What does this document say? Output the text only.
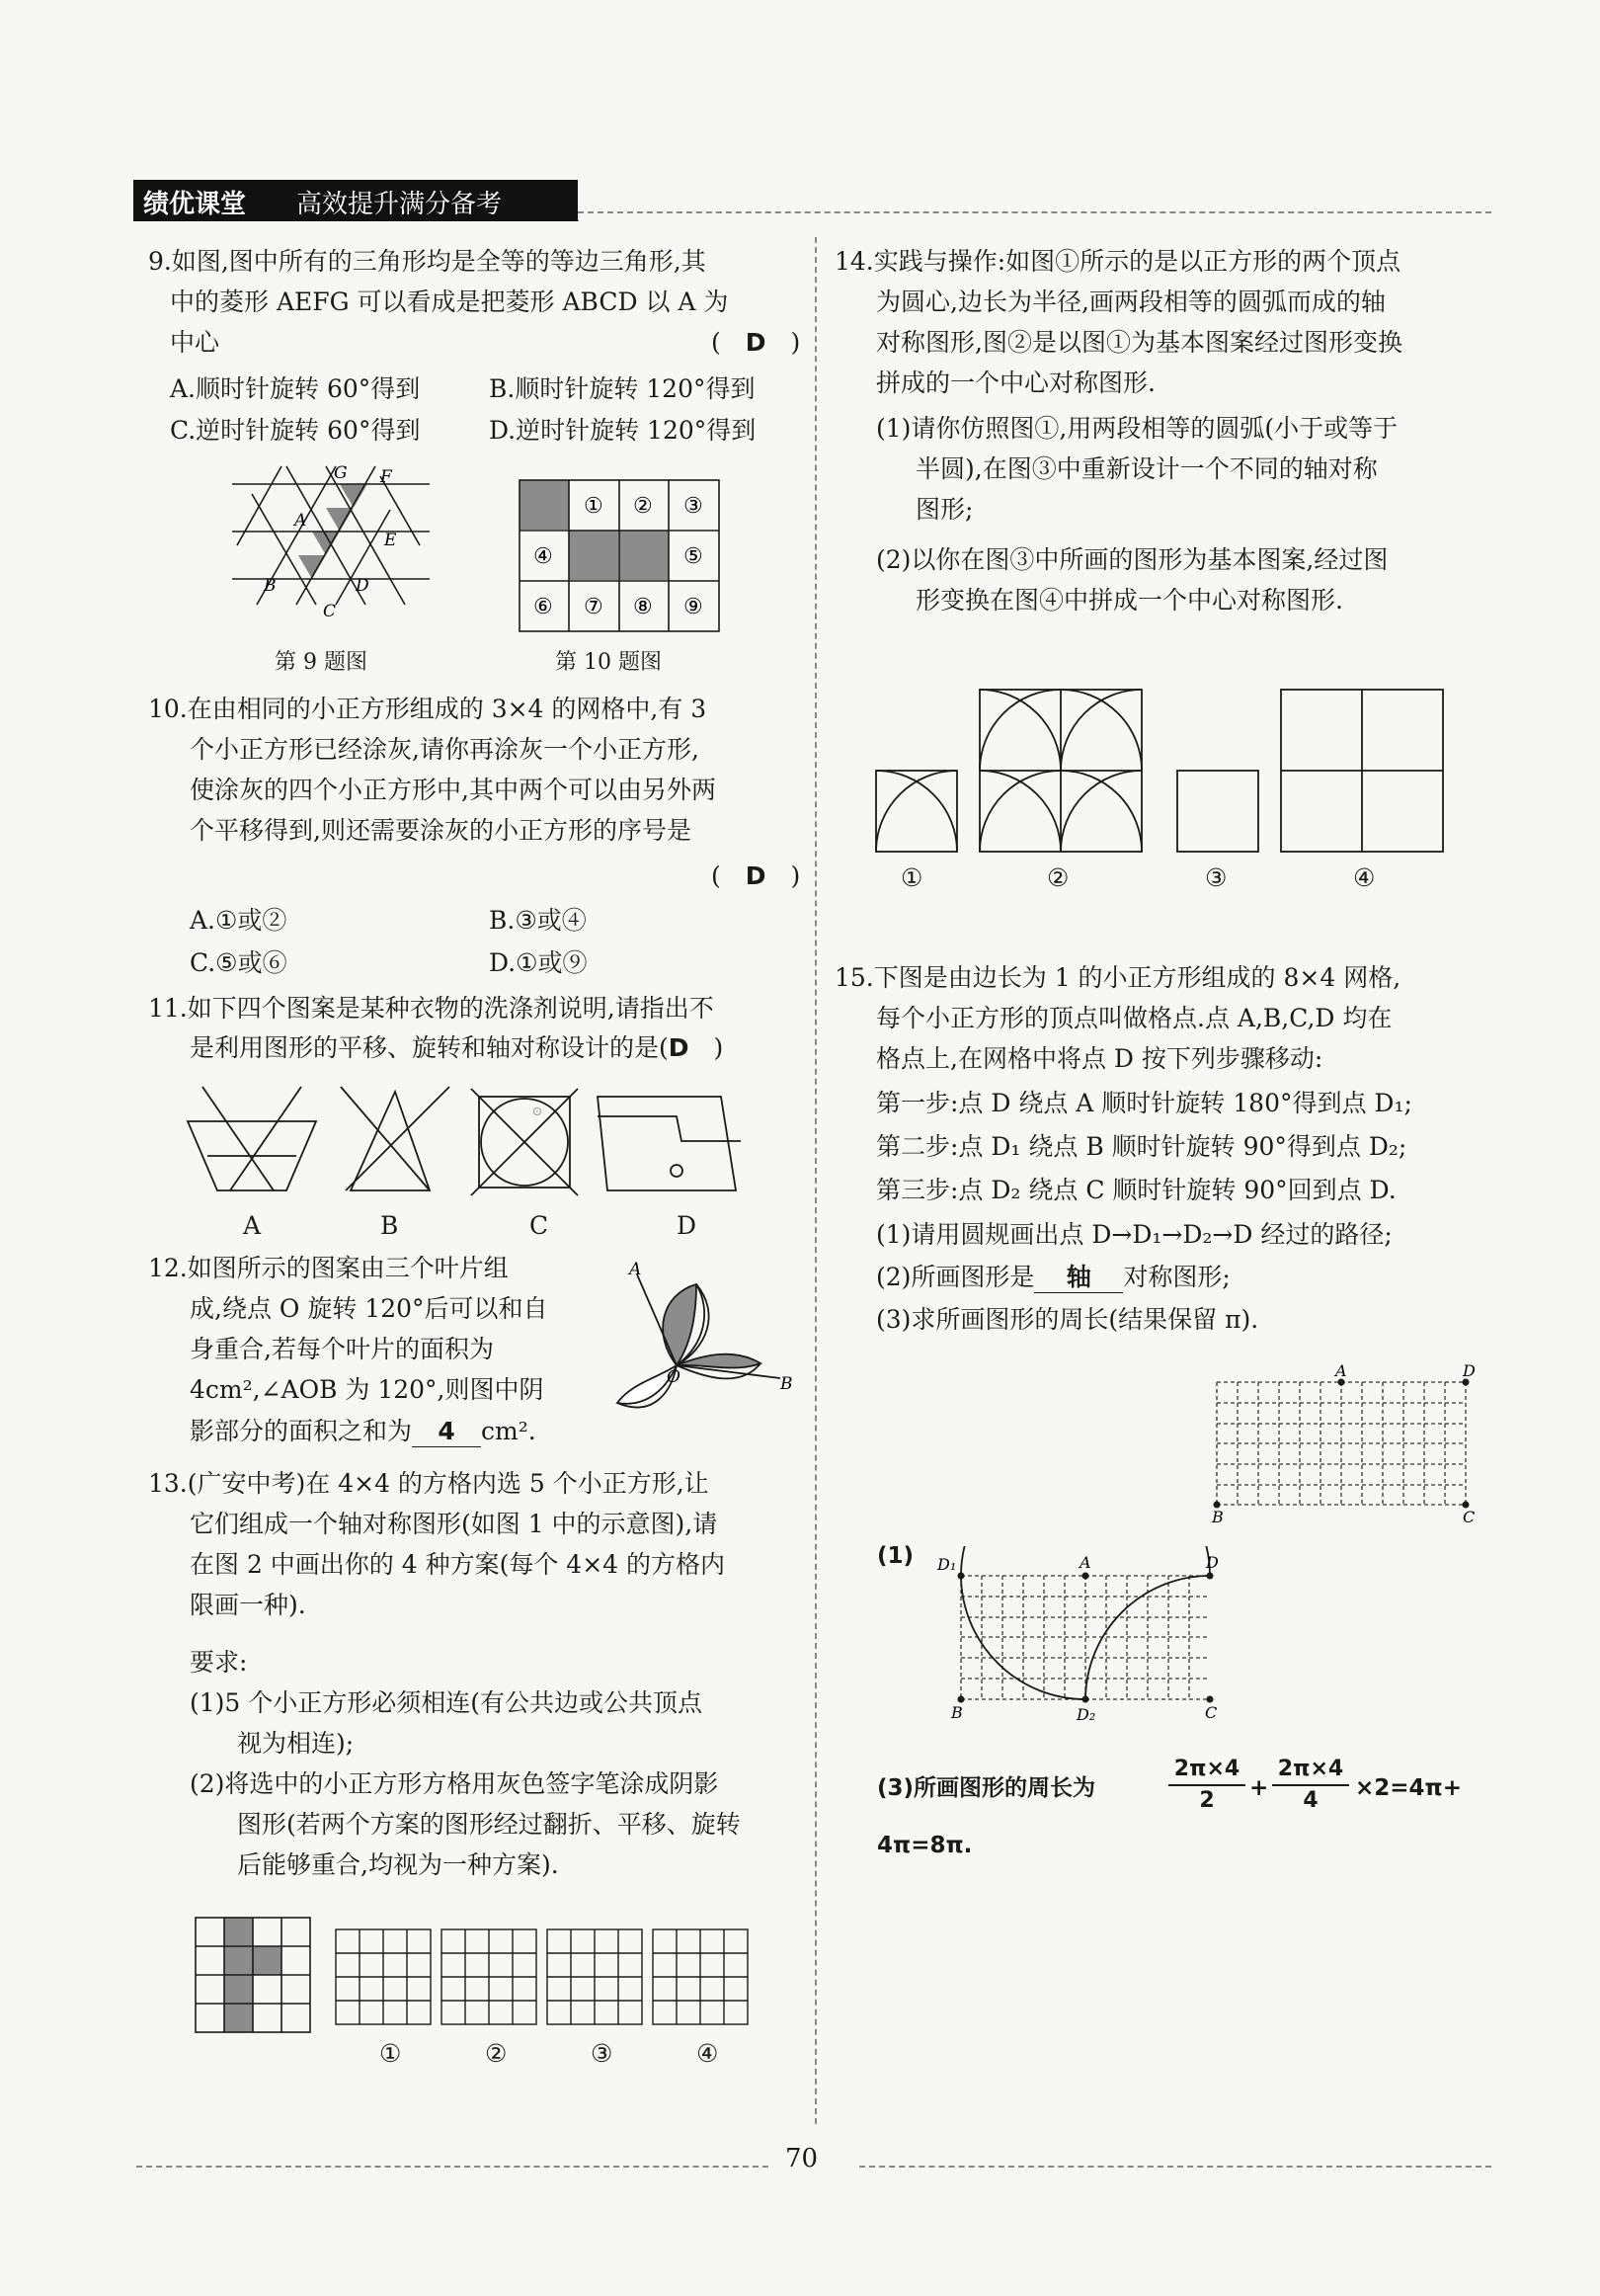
绩优课堂 高效提升满分备考
9.如图,图中所有的三角形均是全等的等边三角形,其
中的菱形 AEFG 可以看成是把菱形 ABCD 以 A 为
中心	(　D　)
A.顺时针旋转 60°得到	B.顺时针旋转 120°得到
C.逆时针旋转 60°得到	D.逆时针旋转 120°得到
G F
A
E
B	D
C
第 9 题图
① ② ③
④	⑤
⑥ ⑦ ⑧ ⑨
第 10 题图
10.在由相同的小正方形组成的 3×4 的网格中,有 3
个小正方形已经涂灰,请你再涂灰一个小正方形,
使涂灰的四个小正方形中,其中两个可以由另外两
个平移得到,则还需要涂灰的小正方形的序号是
(　D　)
A.①或②	B.③或④
C.⑤或⑥	D.①或⑨
11.如下四个图案是某种衣物的洗涤剂说明,请指出不
是利用图形的平移、旋转和轴对称设计的是(D　)
⊙
A	B	C	D
12.如图所示的图案由三个叶片组
成,绕点 O 旋转 120°后可以和自
身重合,若每个叶片的面积为
4cm²,∠AOB 为 120°,则图中阴
影部分的面积之和为 4 cm².
A
O	B
13.(广安中考)在 4×4 的方格内选 5 个小正方形,让
它们组成一个轴对称图形(如图 1 中的示意图),请
在图 2 中画出你的 4 种方案(每个 4×4 的方格内
限画一种).
要求:
(1)5 个小正方形必须相连(有公共边或公共顶点
视为相连);
(2)将选中的小正方形方格用灰色签字笔涂成阴影
图形(若两个方案的图形经过翻折、平移、旋转
后能够重合,均视为一种方案).
①	②	③	④
14.实践与操作:如图①所示的是以正方形的两个顶点
为圆心,边长为半径,画两段相等的圆弧而成的轴
对称图形,图②是以图①为基本图案经过图形变换
拼成的一个中心对称图形.
(1)请你仿照图①,用两段相等的圆弧(小于或等于
半圆),在图③中重新设计一个不同的轴对称
图形;
(2)以你在图③中所画的图形为基本图案,经过图
形变换在图④中拼成一个中心对称图形.
①	②	③	④
15.下图是由边长为 1 的小正方形组成的 8×4 网格,
每个小正方形的顶点叫做格点.点 A,B,C,D 均在
格点上,在网格中将点 D 按下列步骤移动:
第一步:点 D 绕点 A 顺时针旋转 180°得到点 D₁;
第二步:点 D₁ 绕点 B 顺时针旋转 90°得到点 D₂;
第三步:点 D₂ 绕点 C 顺时针旋转 90°回到点 D.
(1)请用圆规画出点 D→D₁→D₂→D 经过的路径;
(2)所画图形是 轴 对称图形;
(3)求所画图形的周长(结果保留 π).
A	D
B	C
(1) D₁	A	D
B	D₂	C
(3)所画图形的周长为	$\frac{2\pi\times 4}{2} + \frac{2\pi\times 4}{4} \times 2=4\pi+$
4π=8π.
70
